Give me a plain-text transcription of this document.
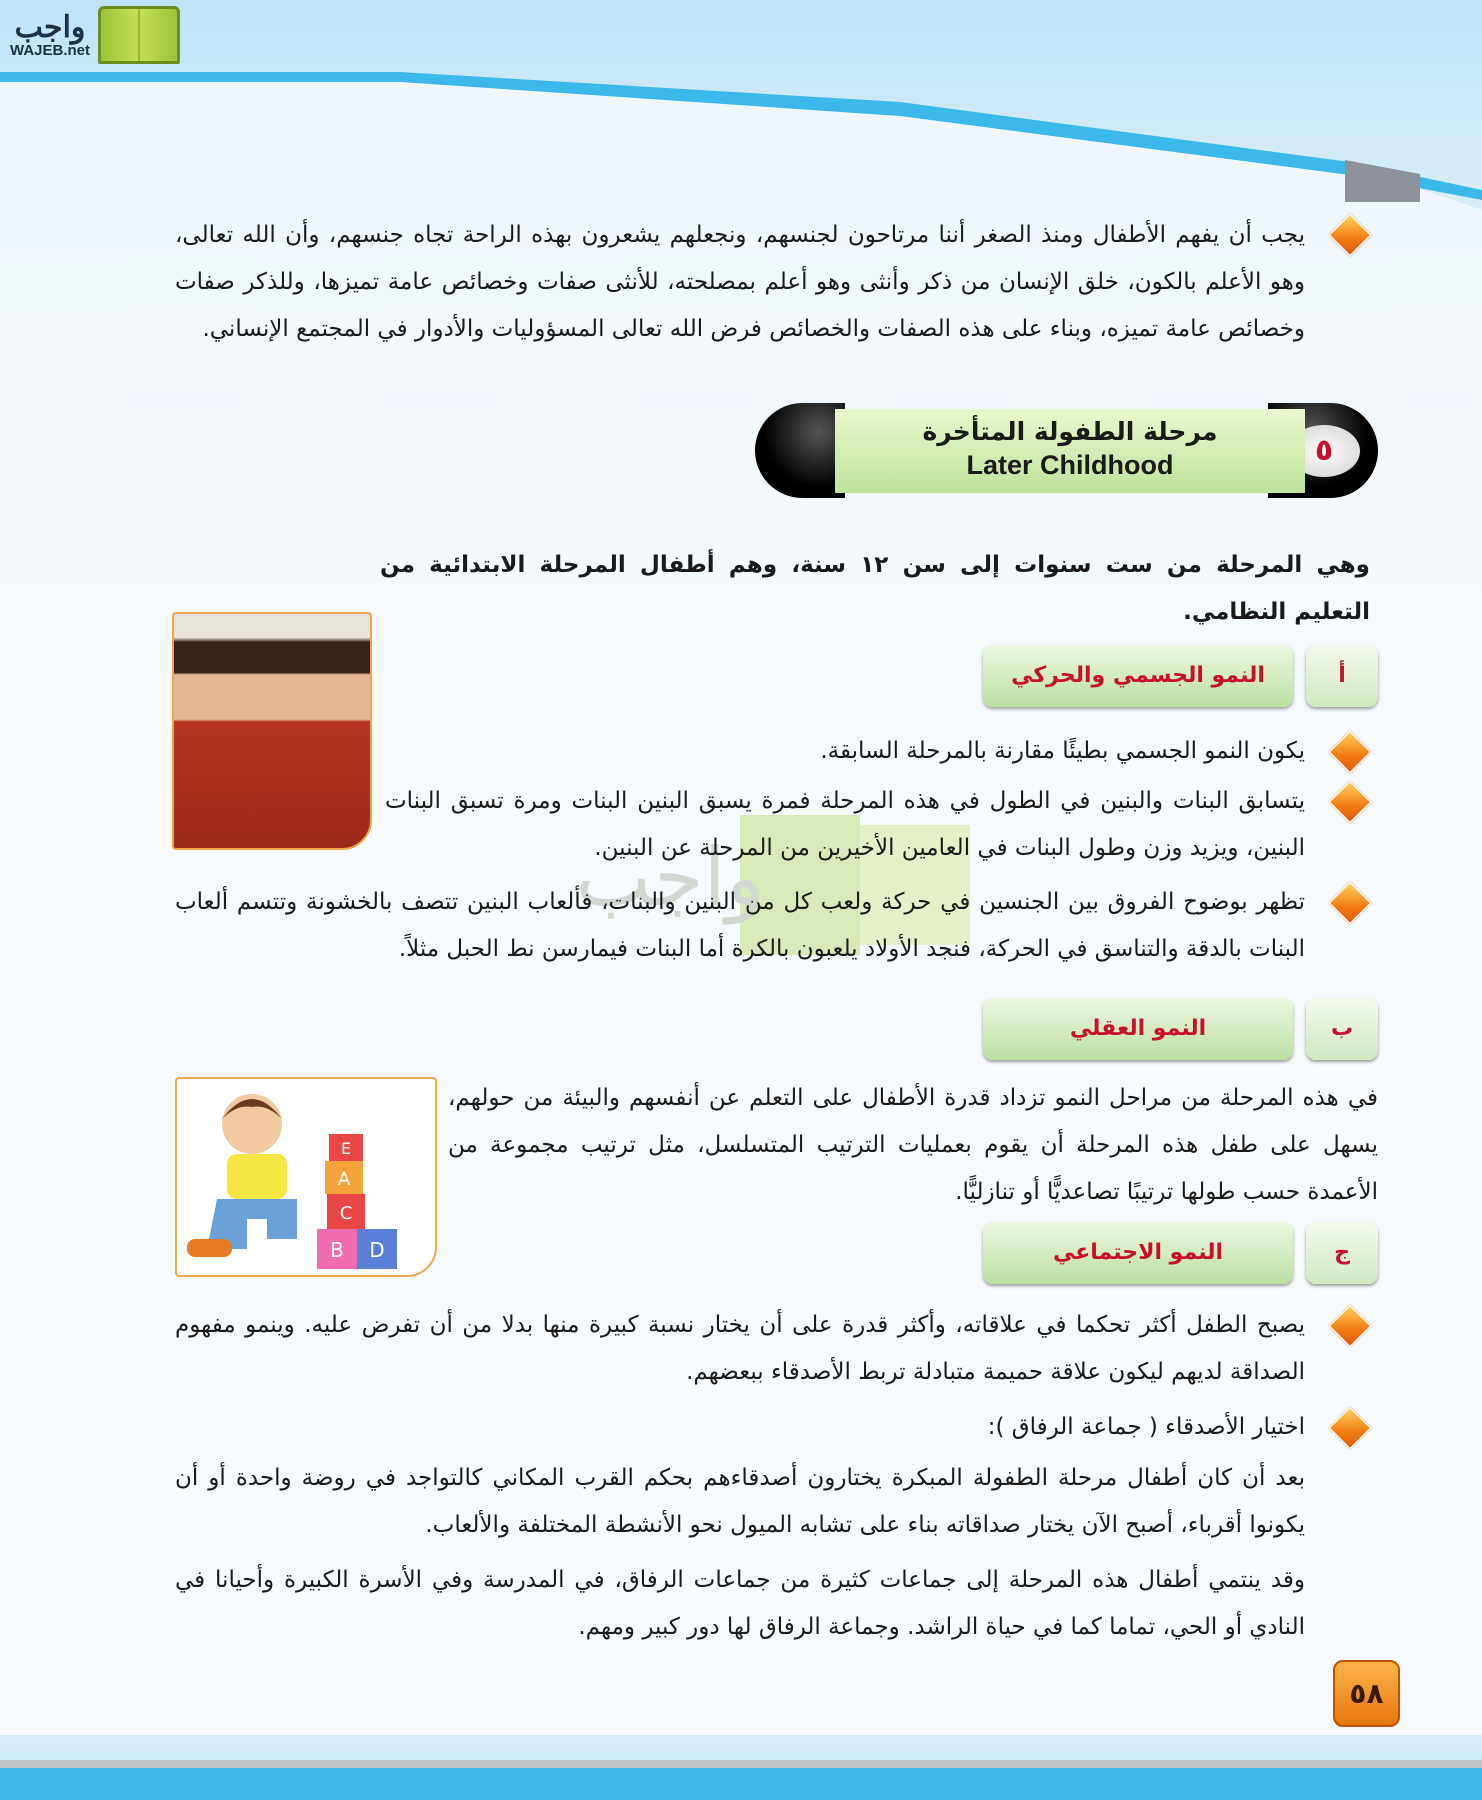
واجب
WAJEB.net
واجب

يجب أن يفهم الأطفال ومنذ الصغر أننا مرتاحون لجنسهم، ونجعلهم يشعرون بهذه الراحة تجاه جنسهم، وأن الله تعالى، وهو الأعلم بالكون، خلق الإنسان من ذكر وأنثى وهو أعلم بمصلحته، للأنثى صفات وخصائص عامة تميزها، وللذكر صفات وخصائص عامة تميزه، وبناء على هذه الصفات والخصائص فرض الله تعالى المسؤوليات والأدوار في المجتمع الإنساني.

٥
مرحلة الطفولة المتأخرة
Later Childhood

وهي المرحلة من ست سنوات إلى سن ١٢ سنة، وهم أطفال المرحلة الابتدائية من التعليم النظامي.

النمو الجسمي والحركي	أ

يكون النمو الجسمي بطيئًا مقارنة بالمرحلة السابقة.

يتسابق البنات والبنين في الطول في هذه المرحلة فمرة يسبق البنين البنات ومرة تسبق البنات البنين، ويزيد وزن وطول البنات في العامين الأخيرين من المرحلة عن البنين.

تظهر بوضوح الفروق بين الجنسين في حركة ولعب كل من البنين والبنات، فألعاب البنين تتصف بالخشونة وتتسم ألعاب البنات بالدقة والتناسق في الحركة، فنجد الأولاد يلعبون بالكرة أما البنات فيمارسن نط الحبل مثلاً.

النمو العقلي	ب
B D
C
A
E

في هذه المرحلة من مراحل النمو تزداد قدرة الأطفال على التعلم عن أنفسهم والبيئة من حولهم، يسهل على طفل هذه المرحلة أن يقوم بعمليات الترتيب المتسلسل، مثل ترتيب مجموعة من الأعمدة حسب طولها ترتيبًا تصاعديًّا أو تنازليًّا.

النمو الاجتماعي	ج

يصبح الطفل أكثر تحكما في علاقاته، وأكثر قدرة على أن يختار نسبة كبيرة منها بدلا من أن تفرض عليه. وينمو مفهوم الصداقة لديهم ليكون علاقة حميمة متبادلة تربط الأصدقاء ببعضهم.

اختيار الأصدقاء ( جماعة الرفاق ):

بعد أن كان أطفال مرحلة الطفولة المبكرة يختارون أصدقاءهم بحكم القرب المكاني كالتواجد في روضة واحدة أو أن يكونوا أقرباء، أصبح الآن يختار صداقاته بناء على تشابه الميول نحو الأنشطة المختلفة والألعاب.

وقد ينتمي أطفال هذه المرحلة إلى جماعات كثيرة من جماعات الرفاق، في المدرسة وفي الأسرة الكبيرة وأحيانا في النادي أو الحي، تماما كما في حياة الراشد. وجماعة الرفاق لها دور كبير ومهم.

٥٨
